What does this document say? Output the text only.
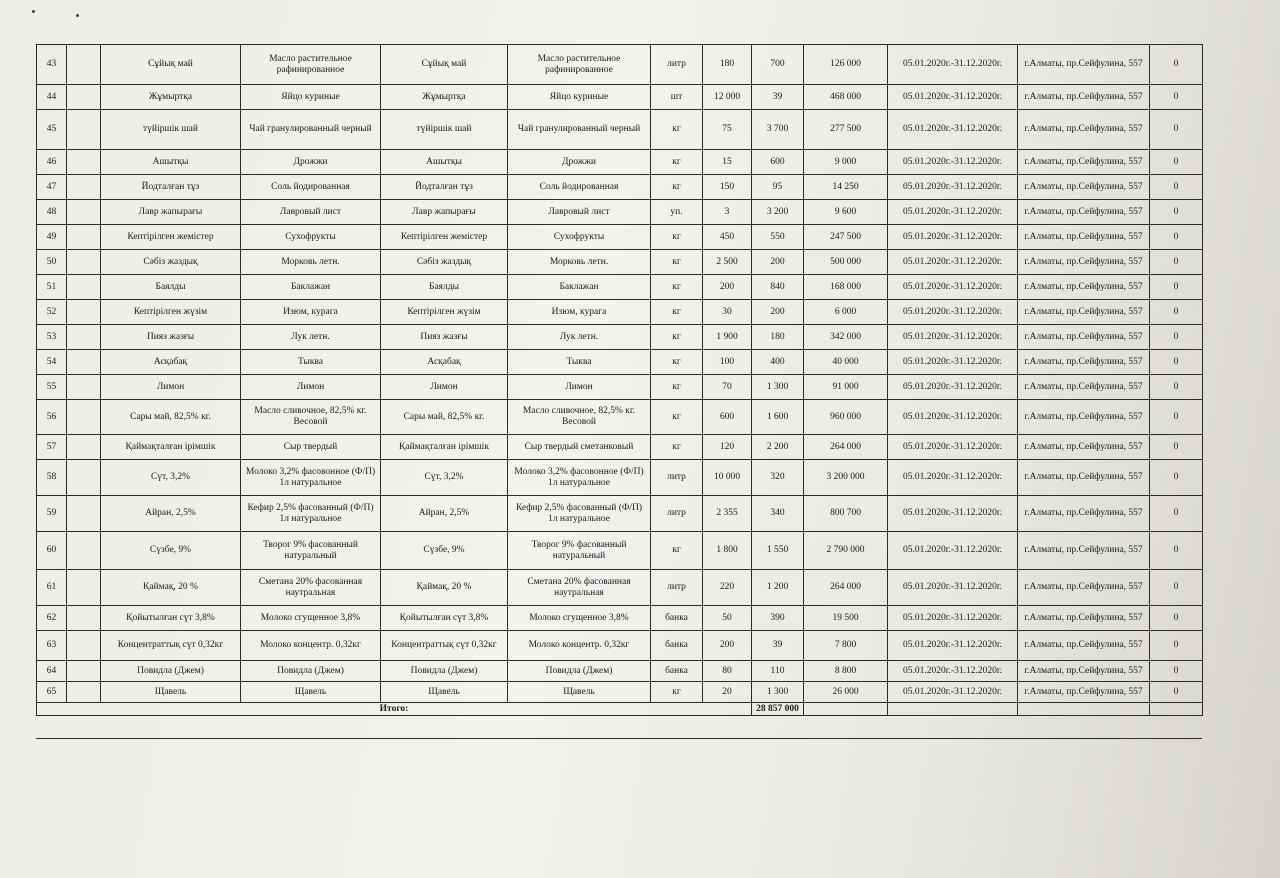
43		Сұйық май	Масло растительное рафинированное	Сұйық май	Масло растительное рафинированное	литр	180	700	126 000	05.01.2020г.-31.12.2020г.	г.Алматы, пр.Сейфулина, 557	0
44		Жұмыртқа	Яйцо куриные	Жұмыртқа	Яйцо куриные	шт	12 000	39	468 000	05.01.2020г.-31.12.2020г.	г.Алматы, пр.Сейфулина, 557	0
45		түйіршік шай	Чай гранулированный черный	түйіршік шай	Чай гранулированный черный	кг	75	3 700	277 500	05.01.2020г.-31.12.2020г.	г.Алматы, пр.Сейфулина, 557	0
46		Ашытқы	Дрожжи	Ашытқы	Дрожжи	кг	15	600	9 000	05.01.2020г.-31.12.2020г.	г.Алматы, пр.Сейфулина, 557	0
47		Йодталған тұз	Соль йодированная	Йодталған тұз	Соль йодированная	кг	150	95	14 250	05.01.2020г.-31.12.2020г.	г.Алматы, пр.Сейфулина, 557	0
48		Лавр жапырағы	Лавровый лист	Лавр жапырағы	Лавровый лист	уп.	3	3 200	9 600	05.01.2020г.-31.12.2020г.	г.Алматы, пр.Сейфулина, 557	0
49		Кептірілген жемістер	Сухофрукты	Кептірілген жемістер	Сухофрукты	кг	450	550	247 500	05.01.2020г.-31.12.2020г.	г.Алматы, пр.Сейфулина, 557	0
50		Сәбіз жаздық	Морковь летн.	Сәбіз жаздық	Морковь летн.	кг	2 500	200	500 000	05.01.2020г.-31.12.2020г.	г.Алматы, пр.Сейфулина, 557	0
51		Баялды	Баклажан	Баялды	Баклажан	кг	200	840	168 000	05.01.2020г.-31.12.2020г.	г.Алматы, пр.Сейфулина, 557	0
52		Кептірілген жүзім	Изюм, курага	Кептірілген жүзім	Изюм, курага	кг	30	200	6 000	05.01.2020г.-31.12.2020г.	г.Алматы, пр.Сейфулина, 557	0
53		Пияз жазғы	Лук летн.	Пияз жазғы	Лук летн.	кг	1 900	180	342 000	05.01.2020г.-31.12.2020г.	г.Алматы, пр.Сейфулина, 557	0
54		Асқабақ	Тыква	Асқабақ	Тыква	кг	100	400	40 000	05.01.2020г.-31.12.2020г.	г.Алматы, пр.Сейфулина, 557	0
55		Лимон	Лимон	Лимон	Лимон	кг	70	1 300	91 000	05.01.2020г.-31.12.2020г.	г.Алматы, пр.Сейфулина, 557	0
56		Сары май, 82,5% кг.	Масло сливочное, 82,5% кг. Весовой	Сары май, 82,5% кг.	Масло сливочное, 82,5% кг. Весовой	кг	600	1 600	960 000	05.01.2020г.-31.12.2020г.	г.Алматы, пр.Сейфулина, 557	0
57		Қаймақталған ірімшік	Сыр твердый	Қаймақталған ірімшік	Сыр твердый сметанковый	кг	120	2 200	264 000	05.01.2020г.-31.12.2020г.	г.Алматы, пр.Сейфулина, 557	0
58		Сүт, 3,2%	Молоко 3,2% фасовонное (Ф/П) 1л натуральное	Сүт, 3,2%	Молоко 3,2% фасовонное (Ф/П) 1л натуральное	литр	10 000	320	3 200 000	05.01.2020г.-31.12.2020г.	г.Алматы, пр.Сейфулина, 557	0
59		Айран, 2,5%	Кефир 2,5% фасованный (Ф/П) 1л натуральное	Айран, 2,5%	Кефир 2,5% фасованный (Ф/П) 1л натуральное	литр	2 355	340	800 700	05.01.2020г.-31.12.2020г.	г.Алматы, пр.Сейфулина, 557	0
60		Сүзбе, 9%	Творог 9% фасованный натуральный	Сүзбе, 9%	Творог 9% фасованный натуральный	кг	1 800	1 550	2 790 000	05.01.2020г.-31.12.2020г.	г.Алматы, пр.Сейфулина, 557	0
61		Қаймақ, 20 %	Сметана 20% фасованная наутральная	Қаймақ, 20 %	Сметана 20% фасованная наутральная	литр	220	1 200	264 000	05.01.2020г.-31.12.2020г.	г.Алматы, пр.Сейфулина, 557	0
62		Қойытылған сүт 3,8%	Молоко сгущенное 3,8%	Қойытылған сүт 3,8%	Молоко сгущенное 3,8%	банка	50	390	19 500	05.01.2020г.-31.12.2020г.	г.Алматы, пр.Сейфулина, 557	0
63		Концентраттық сүт 0,32кг	Молоко концентр. 0,32кг	Концентраттық сүт 0,32кг	Молоко концентр. 0,32кг	банка	200	39	7 800	05.01.2020г.-31.12.2020г.	г.Алматы, пр.Сейфулина, 557	0
64		Повидла (Джем)	Повидла (Джем)	Повидла (Джем)	Повидла (Джем)	банка	80	110	8 800	05.01.2020г.-31.12.2020г.	г.Алматы, пр.Сейфулина, 557	0
65		Щавель	Щавель	Щавель	Щавель	кг	20	1 300	26 000	05.01.2020г.-31.12.2020г.	г.Алматы, пр.Сейфулина, 557	0
Итого:								28 857 000				
